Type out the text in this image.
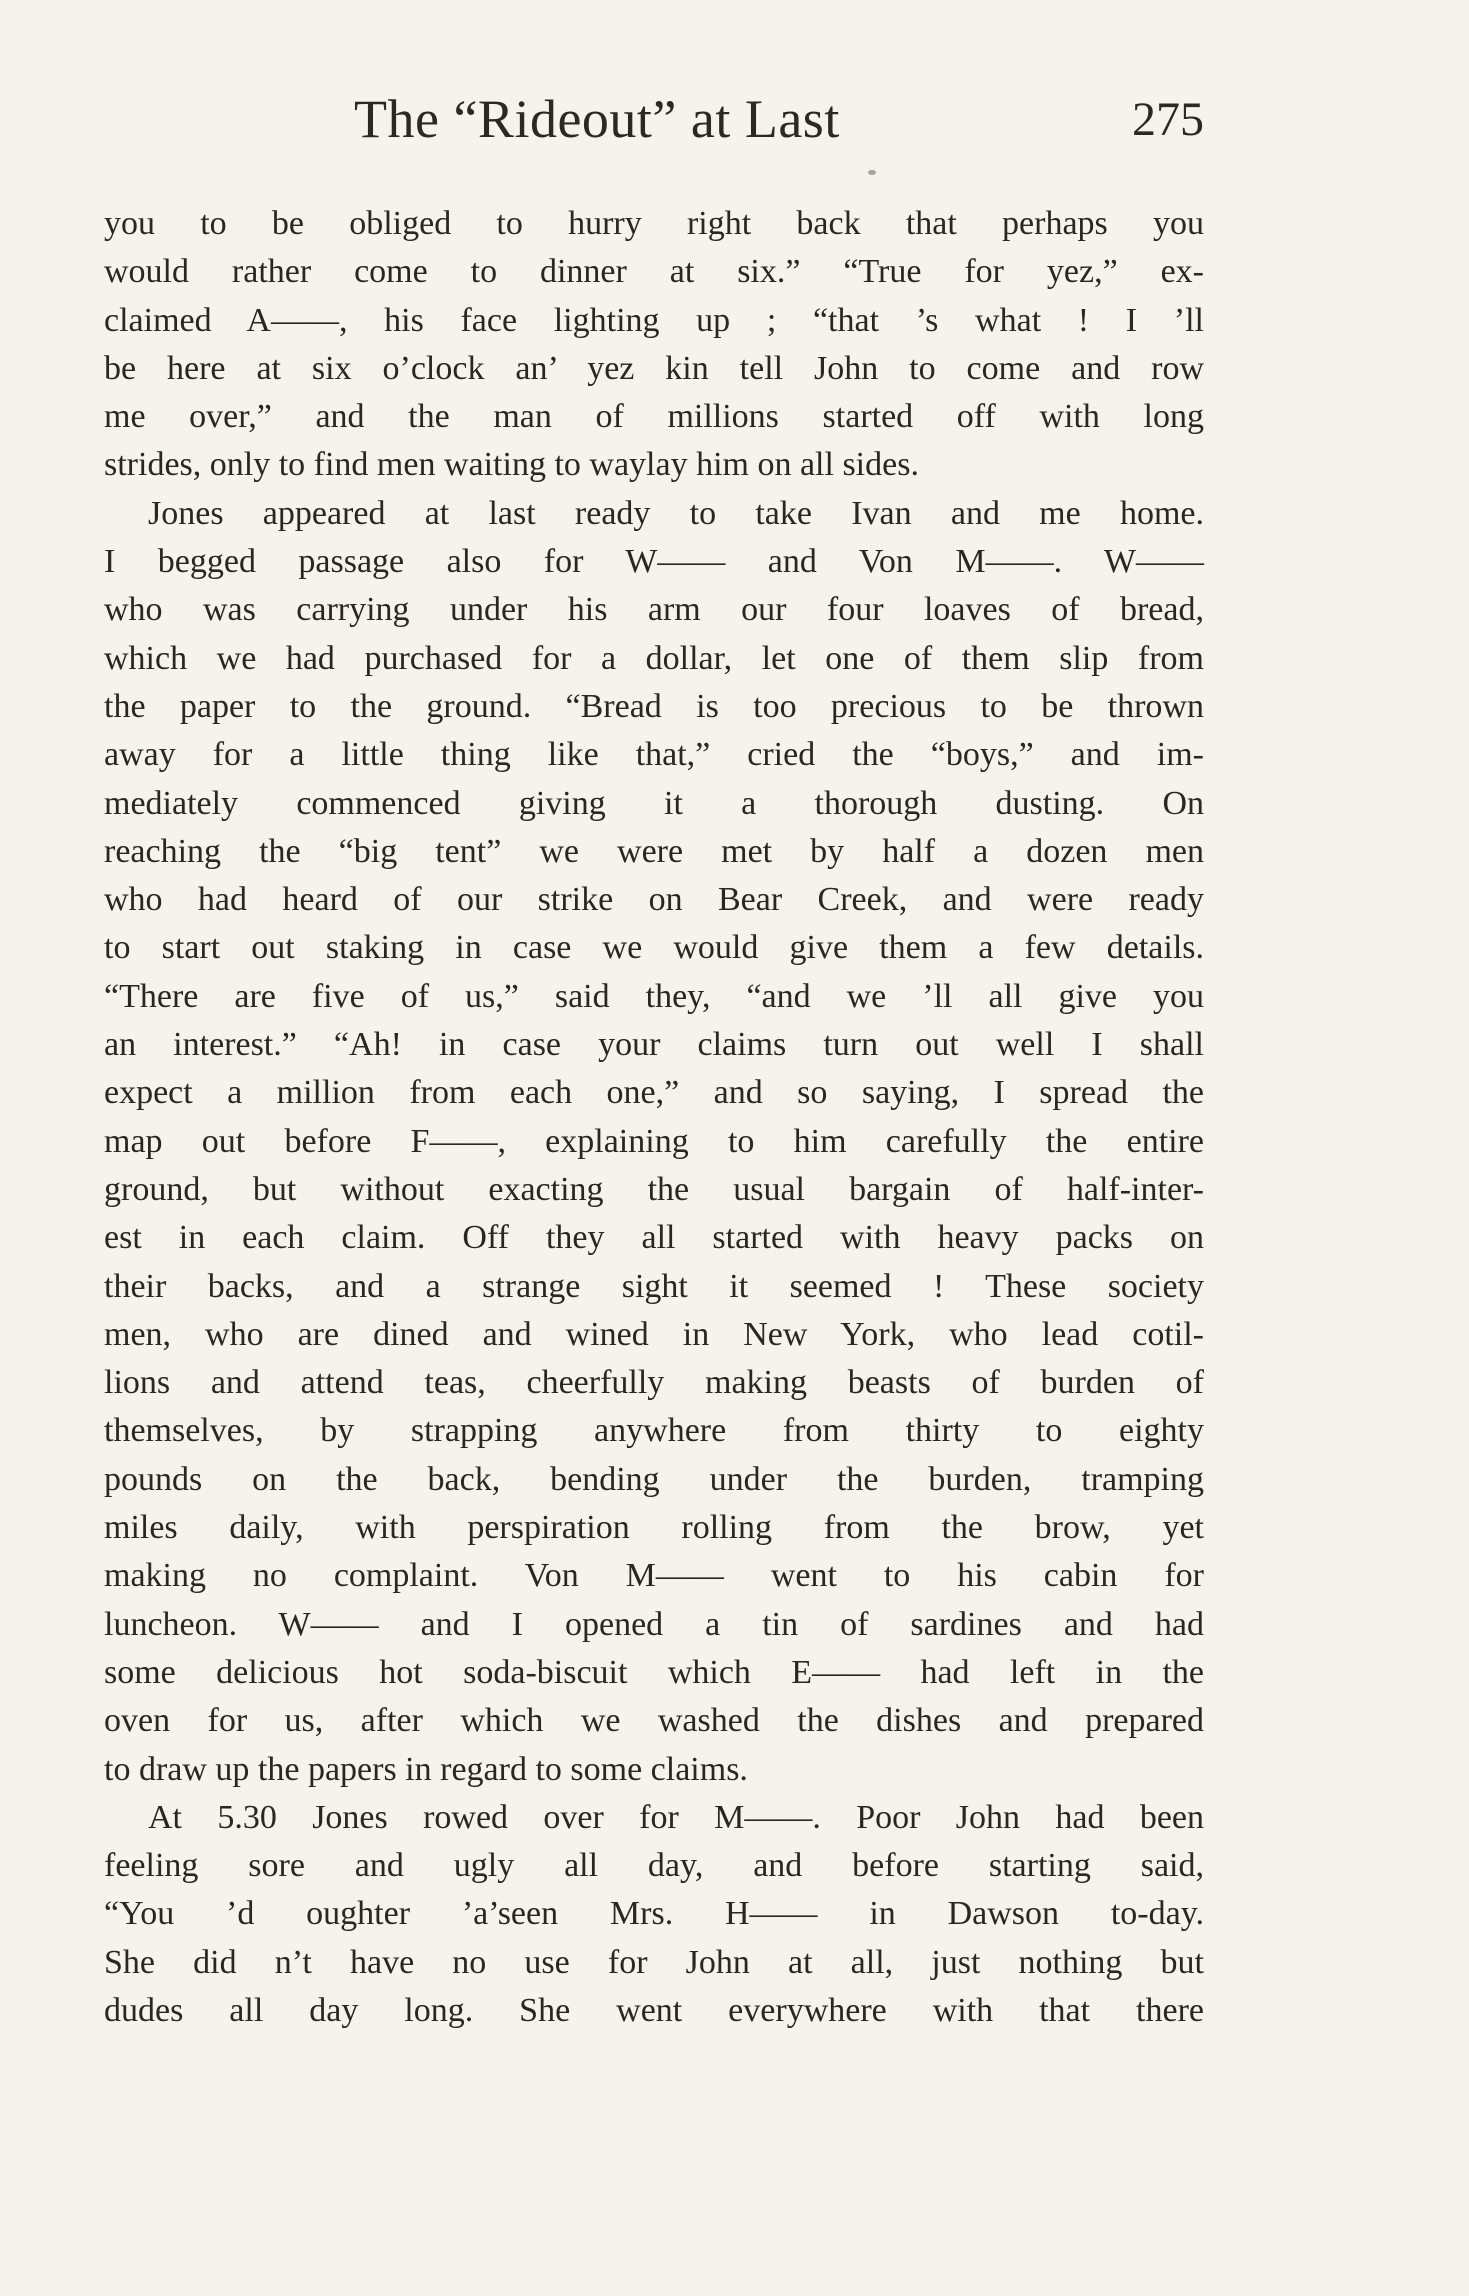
The “Rideout” at Last	275
you to be obliged to hurry right back that perhaps you
would rather come to dinner at six.” “True for yez,” ex-
claimed A——, his face lighting up ; “that ’s what ! I ’ll
be here at six o’clock an’ yez kin tell John to come and row
me over,” and the man of millions started off with long
strides, only to find men waiting to waylay him on all sides.
Jones appeared at last ready to take Ivan and me home.
I begged passage also for W—— and Von M——. W——
who was carrying under his arm our four loaves of bread,
which we had purchased for a dollar, let one of them slip from
the paper to the ground. “Bread is too precious to be thrown
away for a little thing like that,” cried the “boys,” and im-
mediately commenced giving it a thorough dusting. On
reaching the “big tent” we were met by half a dozen men
who had heard of our strike on Bear Creek, and were ready
to start out staking in case we would give them a few details.
“There are five of us,” said they, “and we ’ll all give you
an interest.” “Ah! in case your claims turn out well I shall
expect a million from each one,” and so saying, I spread the
map out before F——, explaining to him carefully the entire
ground, but without exacting the usual bargain of half-inter-
est in each claim. Off they all started with heavy packs on
their backs, and a strange sight it seemed ! These society
men, who are dined and wined in New York, who lead cotil-
lions and attend teas, cheerfully making beasts of burden of
themselves, by strapping anywhere from thirty to eighty
pounds on the back, bending under the burden, tramping
miles daily, with perspiration rolling from the brow, yet
making no complaint. Von M—— went to his cabin for
luncheon. W—— and I opened a tin of sardines and had
some delicious hot soda-biscuit which E—— had left in the
oven for us, after which we washed the dishes and prepared
to draw up the papers in regard to some claims.
At 5.30 Jones rowed over for M——. Poor John had been
feeling sore and ugly all day, and before starting said,
“You ’d oughter ’a’seen Mrs. H—— in Dawson to-day.
She did n’t have no use for John at all, just nothing but
dudes all day long. She went everywhere with that there
